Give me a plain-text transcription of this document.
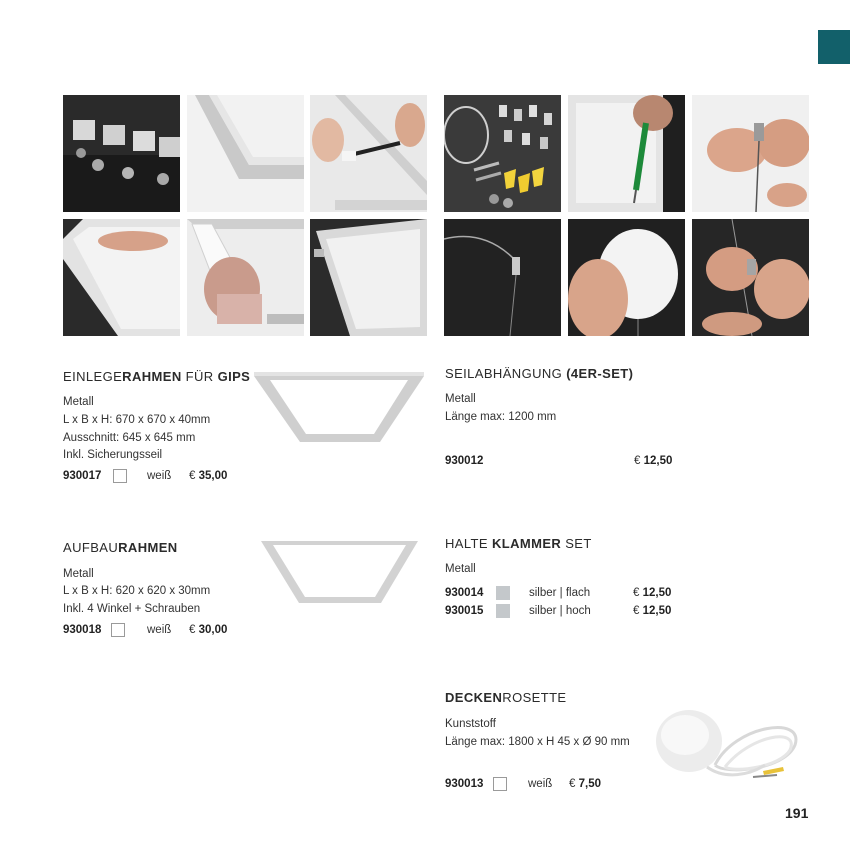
EINLEGERAHMEN FÜR GIPS
Metall
L x B x H: 670 x 670 x 40mm
Ausschnitt: 645 x 645 mm
Inkl. Sicherungsseil
930017	weiß € 35,00
AUFBAURAHMEN
Metall
L x B x H: 620 x 620 x 30mm
Inkl. 4 Winkel + Schrauben
930018	weiß € 30,00
SEILABHÄNGUNG (4ER-SET)
Metall
Länge max: 1200 mm
930012	€ 12,50
HALTE KLAMMER SET
Metall
930014	silber | flach	€ 12,50
930015	silber | hoch	€ 12,50
DECKENROSETTE
Kunststoff
Länge max: 1800 x H 45 x Ø 90 mm
930013	weiß € 7,50
191
